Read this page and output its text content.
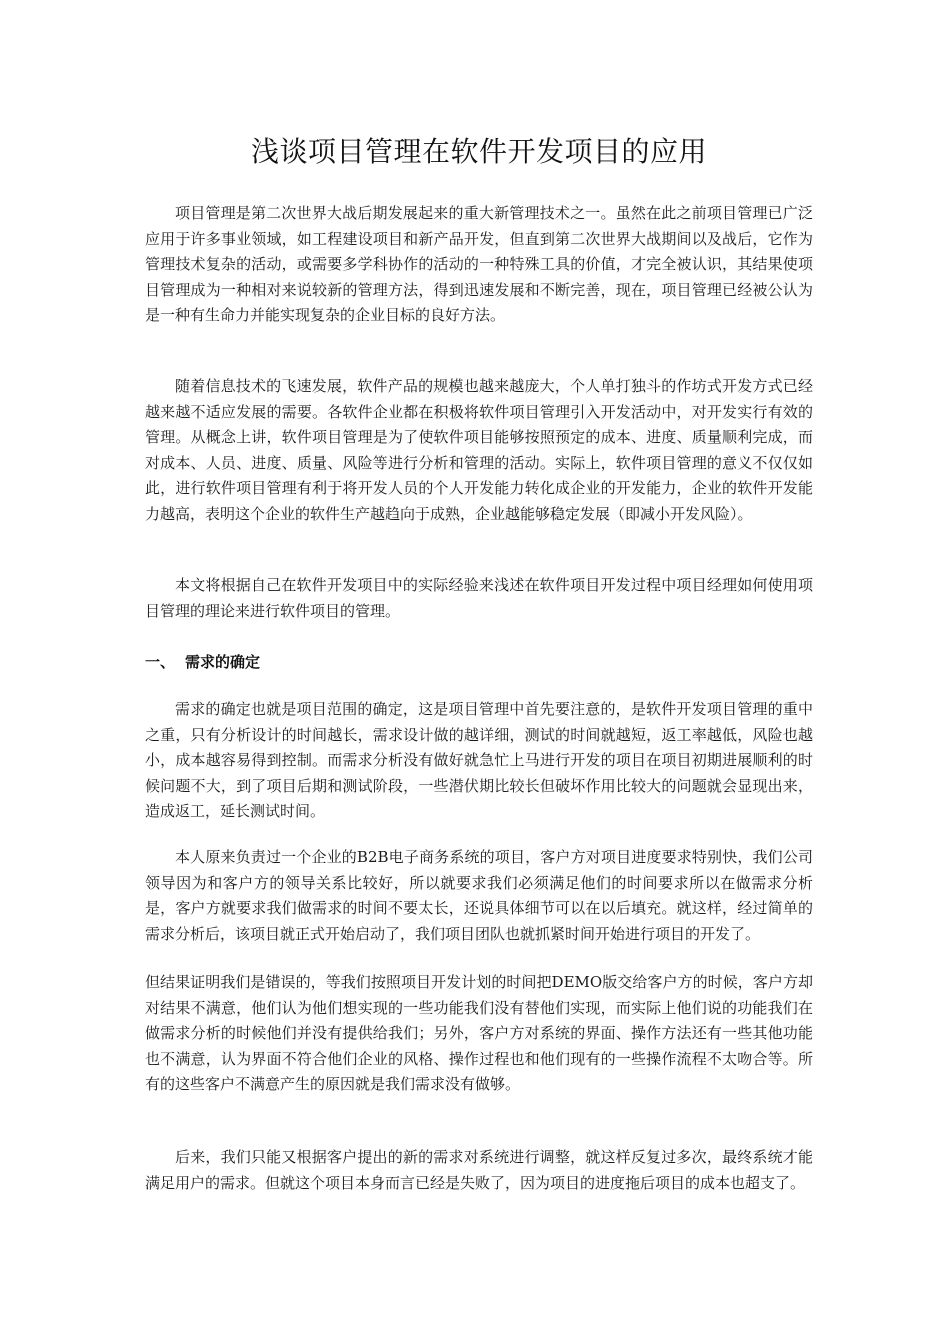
浅谈项目管理在软件开发项目的应用

项目管理是第二次世界大战后期发展起来的重大新管理技术之一。虽然在此之前项目管理已广泛应用于许多事业领域，如工程建设项目和新产品开发，但直到第二次世界大战期间以及战后，它作为管理技术复杂的活动，或需要多学科协作的活动的一种特殊工具的价值，才完全被认识，其结果使项目管理成为一种相对来说较新的管理方法，得到迅速发展和不断完善，现在，项目管理已经被公认为是一种有生命力并能实现复杂的企业目标的良好方法。

随着信息技术的飞速发展，软件产品的规模也越来越庞大，个人单打独斗的作坊式开发方式已经越来越不适应发展的需要。各软件企业都在积极将软件项目管理引入开发活动中，对开发实行有效的管理。从概念上讲，软件项目管理是为了使软件项目能够按照预定的成本、进度、质量顺利完成，而对成本、人员、进度、质量、风险等进行分析和管理的活动。实际上，软件项目管理的意义不仅仅如此，进行软件项目管理有利于将开发人员的个人开发能力转化成企业的开发能力，企业的软件开发能力越高，表明这个企业的软件生产越趋向于成熟，企业越能够稳定发展（即减小开发风险）。

本文将根据自己在软件开发项目中的实际经验来浅述在软件项目开发过程中项目经理如何使用项目管理的理论来进行软件项目的管理。

一、 需求的确定

需求的确定也就是项目范围的确定，这是项目管理中首先要注意的，是软件开发项目管理的重中之重，只有分析设计的时间越长，需求设计做的越详细，测试的时间就越短，返工率越低，风险也越小，成本越容易得到控制。而需求分析没有做好就急忙上马进行开发的项目在项目初期进展顺利的时候问题不大，到了项目后期和测试阶段，一些潜伏期比较长但破坏作用比较大的问题就会显现出来，造成返工，延长测试时间。

本人原来负责过一个企业的B2B电子商务系统的项目，客户方对项目进度要求特别快，我们公司领导因为和客户方的领导关系比较好，所以就要求我们必须满足他们的时间要求所以在做需求分析是，客户方就要求我们做需求的时间不要太长，还说具体细节可以在以后填充。就这样，经过简单的需求分析后，该项目就正式开始启动了，我们项目团队也就抓紧时间开始进行项目的开发了。

但结果证明我们是错误的，等我们按照项目开发计划的时间把DEMO版交给客户方的时候，客户方却对结果不满意，他们认为他们想实现的一些功能我们没有替他们实现，而实际上他们说的功能我们在做需求分析的时候他们并没有提供给我们；另外，客户方对系统的界面、操作方法还有一些其他功能也不满意，认为界面不符合他们企业的风格、操作过程也和他们现有的一些操作流程不太吻合等。所有的这些客户不满意产生的原因就是我们需求没有做够。

后来，我们只能又根据客户提出的新的需求对系统进行调整，就这样反复过多次，最终系统才能满足用户的需求。但就这个项目本身而言已经是失败了，因为项目的进度拖后项目的成本也超支了。
